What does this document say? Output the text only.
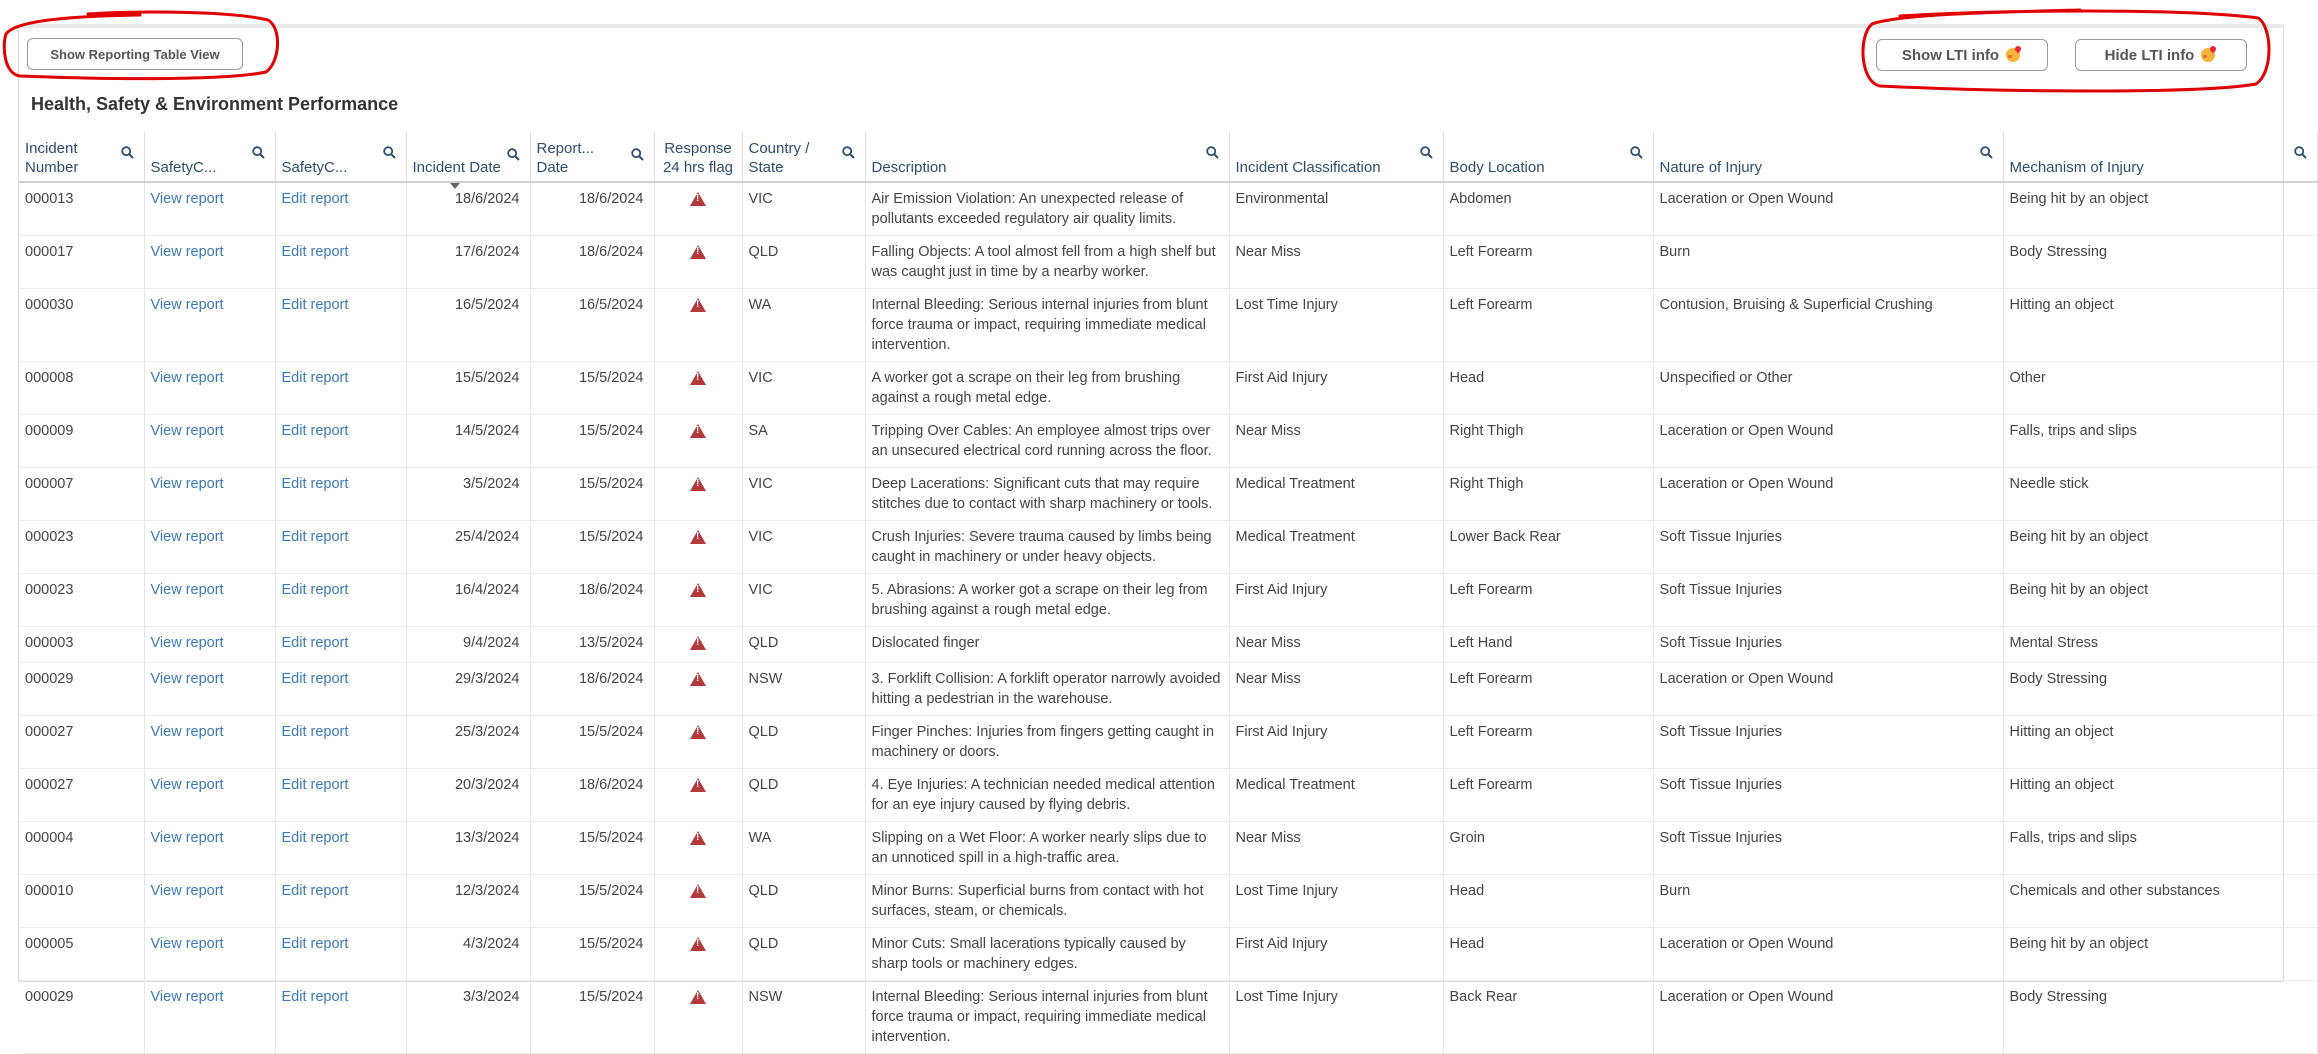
Show Reporting Table View	Show LTI info	Hide LTI info
Health, Safety & Environment Performance
Incident Number	SafetyC...	SafetyC...	Incident Date	Report... Date	Response 24 hrs flag	Country / State	Description	Incident Classification	Body Location	Nature of Injury	Mechanism of Injury

000013	View report	Edit report	18/6/2024	18/6/2024	!	VIC	Air Emission Violation: An unexpected release of pollutants exceeded regulatory air quality limits.	Environmental	Abdomen	Laceration or Open Wound	Being hit by an object
000017	View report	Edit report	17/6/2024	18/6/2024	!	QLD	Falling Objects: A tool almost fell from a high shelf but was caught just in time by a nearby worker.	Near Miss	Left Forearm	Burn	Body Stressing
000030	View report	Edit report	16/5/2024	16/5/2024	!	WA	Internal Bleeding: Serious internal injuries from blunt force trauma or impact, requiring immediate medical intervention.	Lost Time Injury	Left Forearm	Contusion, Bruising & Superficial Crushing	Hitting an object
000008	View report	Edit report	15/5/2024	15/5/2024	!	VIC	A worker got a scrape on their leg from brushing against a rough metal edge.	First Aid Injury	Head	Unspecified or Other	Other
000009	View report	Edit report	14/5/2024	15/5/2024	!	SA	Tripping Over Cables: An employee almost trips over an unsecured electrical cord running across the floor.	Near Miss	Right Thigh	Laceration or Open Wound	Falls, trips and slips
000007	View report	Edit report	3/5/2024	15/5/2024	!	VIC	Deep Lacerations: Significant cuts that may require stitches due to contact with sharp machinery or tools.	Medical Treatment	Right Thigh	Laceration or Open Wound	Needle stick
000023	View report	Edit report	25/4/2024	15/5/2024	!	VIC	Crush Injuries: Severe trauma caused by limbs being caught in machinery or under heavy objects.	Medical Treatment	Lower Back Rear	Soft Tissue Injuries	Being hit by an object
000023	View report	Edit report	16/4/2024	18/6/2024	!	VIC	5. Abrasions: A worker got a scrape on their leg from brushing against a rough metal edge.	First Aid Injury	Left Forearm	Soft Tissue Injuries	Being hit by an object
000003	View report	Edit report	9/4/2024	13/5/2024	!	QLD	Dislocated finger	Near Miss	Left Hand	Soft Tissue Injuries	Mental Stress
000029	View report	Edit report	29/3/2024	18/6/2024	!	NSW	3. Forklift Collision: A forklift operator narrowly avoided hitting a pedestrian in the warehouse.	Near Miss	Left Forearm	Laceration or Open Wound	Body Stressing
000027	View report	Edit report	25/3/2024	15/5/2024	!	QLD	Finger Pinches: Injuries from fingers getting caught in machinery or doors.	First Aid Injury	Left Forearm	Soft Tissue Injuries	Hitting an object
000027	View report	Edit report	20/3/2024	18/6/2024	!	QLD	4. Eye Injuries: A technician needed medical attention for an eye injury caused by flying debris.	Medical Treatment	Left Forearm	Soft Tissue Injuries	Hitting an object
000004	View report	Edit report	13/3/2024	15/5/2024	!	WA	Slipping on a Wet Floor: A worker nearly slips due to an unnoticed spill in a high-traffic area.	Near Miss	Groin	Soft Tissue Injuries	Falls, trips and slips
000010	View report	Edit report	12/3/2024	15/5/2024	!	QLD	Minor Burns: Superficial burns from contact with hot surfaces, steam, or chemicals.	Lost Time Injury	Head	Burn	Chemicals and other substances
000005	View report	Edit report	4/3/2024	15/5/2024	!	QLD	Minor Cuts: Small lacerations typically caused by sharp tools or machinery edges.	First Aid Injury	Head	Laceration or Open Wound	Being hit by an object
000029	View report	Edit report	3/3/2024	15/5/2024	!	NSW	Internal Bleeding: Serious internal injuries from blunt force trauma or impact, requiring immediate medical intervention.	Lost Time Injury	Back Rear	Laceration or Open Wound	Body Stressing
